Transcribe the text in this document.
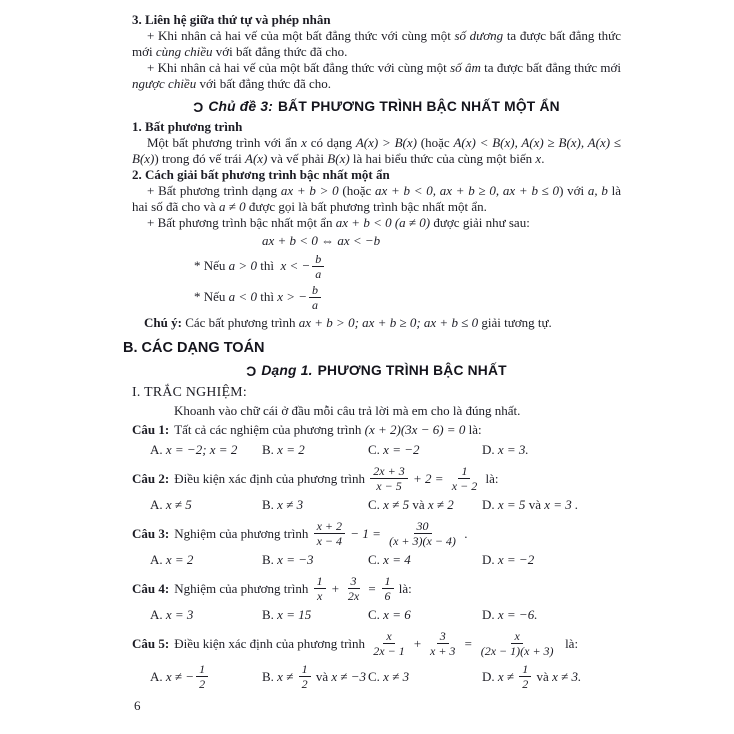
3. Liên hệ giữa thứ tự và phép nhân
+ Khi nhân cả hai vế của một bất đẳng thức với cùng một số dương ta được bất đẳng thức mới cùng chiều với bất đẳng thức đã cho.
+ Khi nhân cả hai vế của một bất đẳng thức với cùng một số âm ta được bất đẳng thức mới ngược chiều với bất đẳng thức đã cho.
Ɔ Chủ đề 3: BẤT PHƯƠNG TRÌNH BẬC NHẤT MỘT ẨN
1. Bất phương trình
Một bất phương trình với ẩn x có dạng A(x) > B(x) (hoặc A(x) < B(x), A(x) ≥ B(x), A(x) ≤ B(x)) trong đó vế trái A(x) và vế phải B(x) là hai biểu thức của cùng một biến x.
2. Cách giải bất phương trình bậc nhất một ẩn
+ Bất phương trình dạng ax + b > 0 (hoặc ax + b < 0, ax + b ≥ 0, ax + b ≤ 0) với a, b là hai số đã cho và a ≠ 0 được gọi là bất phương trình bậc nhất một ẩn.
+ Bất phương trình bậc nhất một ẩn ax + b < 0 (a ≠ 0) được giải như sau:
ax + b < 0 ⇔ ax < −b
* Nếu a > 0 thì x < − $\frac{b}{a}$
* Nếu a < 0 thì x > − $\frac{b}{a}$
Chú ý: Các bất phương trình ax + b > 0; ax + b ≥ 0; ax + b ≤ 0 giải tương tự.
B. CÁC DẠNG TOÁN
Ɔ Dạng 1. PHƯƠNG TRÌNH BẬC NHẤT
I. TRẮC NGHIỆM:
Khoanh vào chữ cái ở đầu mỗi câu trả lời mà em cho là đúng nhất.
Câu 1: Tất cả các nghiệm của phương trình (x + 2)(3x − 6) = 0 là:
A. x = −2; x = 2 B. x = 2	C. x = −2	D. x = 3.
Câu 2: Điều kiện xác định của phương trình $\frac{2x + 3}{x - 5} + 2 = \frac{1}{x - 2}$ là:
A. x ≠ 5	B. x ≠ 3	C. x ≠ 5 và x ≠ 2 D. x = 5 và x = 3 .
Câu 3: Nghiệm của phương trình $\frac{x + 2}{x - 4} - 1 = \frac{30}{(x + 3)(x - 4)}$ .
A. x = 2	B. x = −3	C. x = 4	D. x = −2
Câu 4: Nghiệm của phương trình $\frac{1}{x} + \frac{3}{2x} = \frac{1}{6}$ là:
A. x = 3	B. x = 15	C. x = 6	D. x = −6.
Câu 5: Điều kiện xác định của phương trình $\frac{x}{2x - 1} + \frac{3}{x + 3} = \frac{x}{(2x - 1)(x + 3)}$ là:
A. x ≠ − $\frac{1}{2}$	B. $x \ne \frac{1}{2}$ và x ≠ −3 C. x ≠ 3	D. $x \ne \frac{1}{2}$ và x ≠ 3.
6
